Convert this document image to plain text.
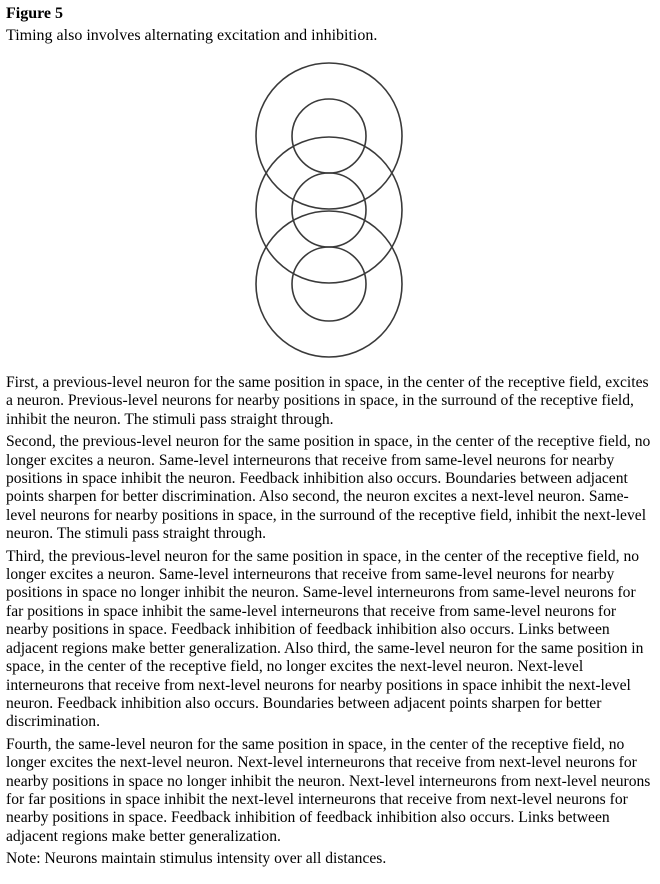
Figure 5

Timing also involves alternating excitation and inhibition.

First, a previous-level neuron for the same position in space, in the center of the receptive field, excites a neuron. Previous-level neurons for nearby positions in space, in the surround of the receptive field, inhibit the neuron. The stimuli pass straight through.

Second, the previous-level neuron for the same position in space, in the center of the receptive field, no longer excites a neuron. Same-level interneurons that receive from same-level neurons for nearby positions in space inhibit the neuron. Feedback inhibition also occurs. Boundaries between adjacent points sharpen for better discrimination. Also second, the neuron excites a next-level neuron. Same-level neurons for nearby positions in space, in the surround of the receptive field, inhibit the next-level neuron. The stimuli pass straight through.

Third, the previous-level neuron for the same position in space, in the center of the receptive field, no longer excites a neuron. Same-level interneurons that receive from same-level neurons for nearby positions in space no longer inhibit the neuron. Same-level interneurons from same-level neurons for far positions in space inhibit the same-level interneurons that receive from same-level neurons for nearby positions in space. Feedback inhibition of feedback inhibition also occurs. Links between adjacent regions make better generalization. Also third, the same-level neuron for the same position in space, in the center of the receptive field, no longer excites the next-level neuron. Next-level interneurons that receive from next-level neurons for nearby positions in space inhibit the next-level neuron. Feedback inhibition also occurs. Boundaries between adjacent points sharpen for better discrimination.

Fourth, the same-level neuron for the same position in space, in the center of the receptive field, no longer excites the next-level neuron. Next-level interneurons that receive from next-level neurons for nearby positions in space no longer inhibit the neuron. Next-level interneurons from next-level neurons for far positions in space inhibit the next-level interneurons that receive from next-level neurons for nearby positions in space. Feedback inhibition of feedback inhibition also occurs. Links between adjacent regions make better generalization.

Note: Neurons maintain stimulus intensity over all distances.
